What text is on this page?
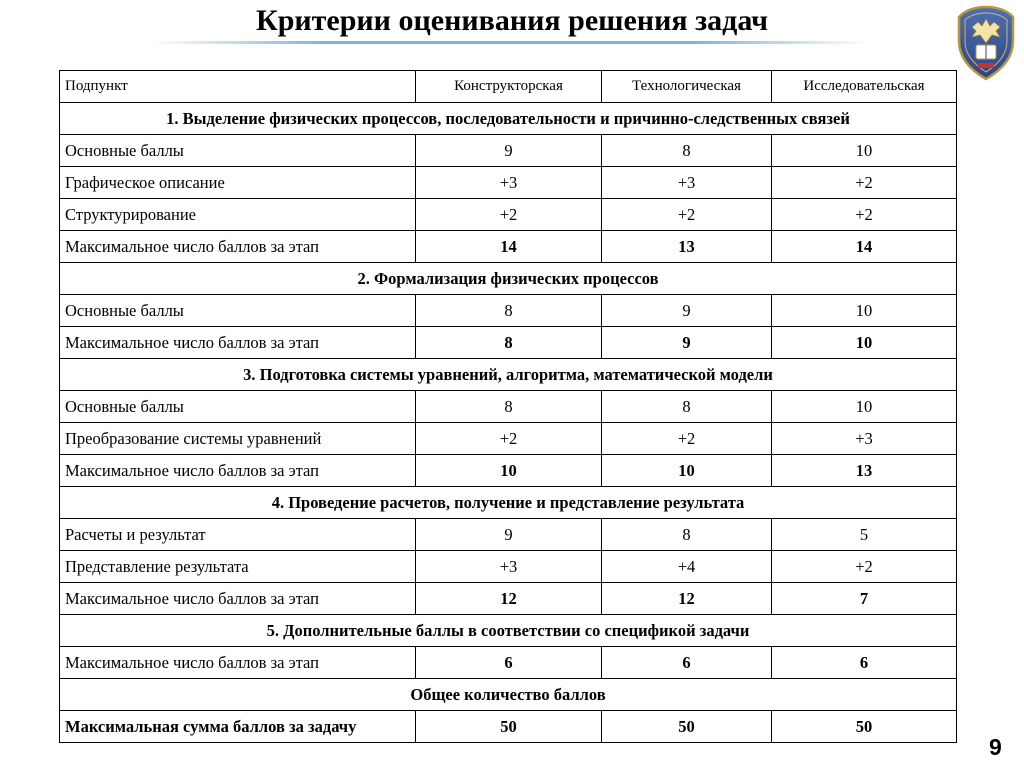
Критерии оценивания решения задач
Подпункт	Конструкторская	Технологическая	Исследовательская
1. Выделение физических процессов, последовательности и причинно-следственных связей			
Основные баллы	9	8	10
Графическое описание	+3	+3	+2
Структурирование	+2	+2	+2
Максимальное число баллов за этап	14	13	14
2. Формализация физических процессов			
Основные баллы	8	9	10
Максимальное число баллов за этап	8	9	10
3. Подготовка системы уравнений, алгоритма, математической модели			
Основные баллы	8	8	10
Преобразование системы уравнений	+2	+2	+3
Максимальное число баллов за этап	10	10	13
4. Проведение расчетов, получение и представление результата			
Расчеты и результат	9	8	5
Представление результата	+3	+4	+2
Максимальное число баллов за этап	12	12	7
5. Дополнительные баллы в соответствии со спецификой задачи			
Максимальное число баллов за этап	6	6	6
Общее количество баллов			
Максимальная сумма баллов за задачу	50	50	50
9
